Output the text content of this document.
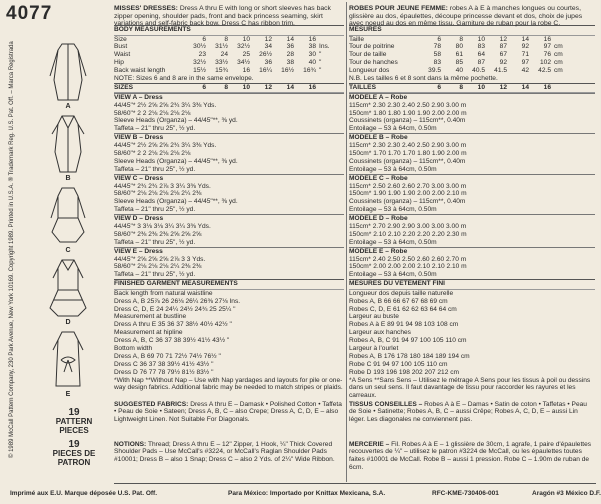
4077
© 1989 McCall Pattern Company, 230 Park Avenue, New York 10169. Copyright 1989. Printed in U.S.A. ® Trademark Reg. U.S. Pat. Off. – Marca Registrada	A
B
C
D
E
19
PATTERN PIECES
19
PIECES DE PATRON
MISSES' DRESSES: Dress A thru E with long or short sleeves has back zipper opening, shoulder pads, front and back princess seaming, skirt variations and self-fabric back bow. Dress C has ribbon trim.
BODY MEASUREMENTS
Size	6	8	10	12	14	16
Bust	30½	31½	32½	34	36	38 Ins.
Waist	23	24	25	26½	28	30 "
Hip	32½	33½	34½	36	38	40 "
Back waist length	15½	15¾	16	16¼	16½	16¾ "
NOTE: Sizes 6 and 8 are in the same envelope.
SIZES	6	8	10	12	14	16
VIEW A – Dress
44/45"* 2½ 2⅝ 2⅝ 2¾ 3¼ 3⅜ Yds.
58/60"* 2 2 2⅛ 2⅛ 2⅛ 2⅛
Sleeve Heads (Organza) – 44/45"**, ⅜ yd.
Taffeta – 21" thru 25", ½ yd.
VIEW B – Dress
44/45"* 2½ 2⅝ 2⅝ 2¾ 3¼ 3⅜ Yds.
58/60"* 2 2 2⅛ 2⅛ 2⅛ 2⅛
Sleeve Heads (Organza) – 44/45"**, ⅜ yd.
Taffeta – 21" thru 25", ½ yd.
VIEW C – Dress
44/45"* 2¾ 2¾ 2⅞ 3 3¼ 3⅜ Yds.
58/60"* 2⅛ 2⅛ 2⅛ 2⅛ 2¼ 2⅜
Sleeve Heads (Organza) – 44/45"**, ⅜ yd.
Taffeta – 21" thru 25", ½ yd.
VIEW D – Dress
44/45"* 3 3⅛ 3⅛ 3¼ 3¼ 3⅜ Yds.
58/60"* 2⅜ 2⅜ 2⅜ 2⅝ 2⅝ 2⅝
Taffeta – 21" thru 25", ½ yd.
VIEW E – Dress
44/45"* 2⅝ 2⅝ 2⅝ 2⅞ 3 3 Yds.
58/60"* 2⅛ 2⅛ 2⅛ 2¼ 2⅜ 2⅜
Taffeta – 21" thru 25", ½ yd.
FINISHED GARMENT MEASUREMENTS
Back length from natural waistline
Dress A, B 25⅞ 26 26⅛ 26¼ 26⅜ 27⅛ Ins.
Dress C, D, E 24 24¼ 24½ 24¾ 25 25¼ "
Measurement at bustline
Dress A thru E 35 36 37 38½ 40½ 42½ "
Measurement at hipline
Dress A, B, C 36 37 38 39½ 41½ 43½ "
Bottom width
Dress A, B 69 70 71 72½ 74½ 76½ "
Dress C 36 37 38 39½ 41½ 43½ "
Dress D 76 77 78 79½ 81½ 83½ "
*With Nap **Without Nap – Use with Nap yardages and layouts for pile or one-way design fabrics. Additional fabric may be needed to match stripes or plaids.
SUGGESTED FABRICS: Dress A thru E – Damask • Polished Cotton • Taffeta • Peau de Soie • Sateen; Dress A, B, C – also Crepe; Dress A, C, D, E – also Lightweight Linen. Not Suitable For Diagonals.
NOTIONS: Thread; Dress A thru E – 12" Zipper, 1 Hook, ¼" Thick Covered Shoulder Pads – Use McCall's #3224, or McCall's Raglan Shoulder Pads #10001; Dress B – also 1 Snap; Dress C – also 2 Yds. of 2¼" Wide Ribbon.
ROBES POUR JEUNE FEMME: robes A à E à manches longues ou courtes, glissière au dos, épaulettes, découpe princesse devant et dos, choix de jupes avec noeud au dos en même tissu. Garniture de ruban pour la robe C.
MESURES
Taille	6	8	10	12	14	16
Tour de poitrine	78	80	83	87	92	97 cm
Tour de taille	58	61	64	67	71	76 cm
Tour de hanches	83	85	87	92	97	102 cm
Longueur dos	39.5	40	40.5	41.5	42	42.5 cm
N.B. Les tailles 6 et 8 sont dans la même pochette.
TAILLES	6	8	10	12	14	16
MODELE A – Robe
115cm* 2.30 2.30 2.40 2.50 2.90 3.00 m
150cm* 1.80 1.80 1.90 1.90 2.00 2.00 m
Coussinets (organza) – 115cm**, 0.40m
Entoilage – 53 à 64cm, 0.50m
MODELE B – Robe
115cm* 2.30 2.30 2.40 2.50 2.90 3.00 m
150cm* 1.70 1.70 1.70 1.80 1.90 2.00 m
Coussinets (organza) – 115cm**, 0.40m
Entoilage – 53 à 64cm, 0.50m
MODELE C – Robe
115cm* 2.50 2.60 2.60 2.70 3.00 3.00 m
150cm* 1.90 1.90 1.90 2.00 2.00 2.10 m
Coussinets (organza) – 115cm**, 0.40m
Entoilage – 53 à 64cm, 0.50m
MODELE D – Robe
115cm* 2.70 2.90 2.90 3.00 3.00 3.00 m
150cm* 2.10 2.10 2.20 2.20 2.20 2.30 m
Entoilage – 53 à 64cm, 0.50m
MODELE E – Robe
115cm* 2.40 2.50 2.50 2.60 2.60 2.70 m
150cm* 2.00 2.00 2.00 2.10 2.10 2.10 m
Entoilage – 53 à 64cm, 0.50m
MESURES DU VETEMENT FINI
Longueur dos depuis taille naturelle
Robes A, B 66 66 67 67 68 69 cm
Robes C, D, E 61 62 62 63 64 64 cm
Largeur au buste
Robes A à E 89 91 94 98 103 108 cm
Largeur aux hanches
Robes A, B, C 91 94 97 100 105 110 cm
Largeur à l'ourlet
Robes A, B 176 178 180 184 189 194 cm
Robe C 91 94 97 100 105 110 cm
Robe D 193 196 198 202 207 212 cm
*A Sens **Sans Sens – Utilisez le métrage A Sens pour les tissus à poil ou dessins dans un seul sens. Il faut davantage de tissu pour raccorder les rayures et les carreaux.
TISSUS CONSEILLES – Robes A à E – Damas • Satin de coton • Taffetas • Peau de Soie • Satinette; Robes A, B, C – aussi Crêpe; Robes A, C, D, E – aussi Lin léger. Les diagonales ne conviennent pas.
MERCERIE – Fil. Robes A à E – 1 glissière de 30cm, 1 agrafe, 1 paire d'épaulettes recouvertes de ¼" – utilisez le patron #3224 de McCall, ou les épaulettes toutes faites #10001 de McCall. Robe B – aussi 1 pression. Robe C – 1.90m de ruban de 6cm.
Imprimé aux E.U. Marque déposée U.S. Pat. Off.	Para México: Importado por Knittax Mexicana, S.A.	RFC-KME-730406-001	Aragón #3 México D.F.
